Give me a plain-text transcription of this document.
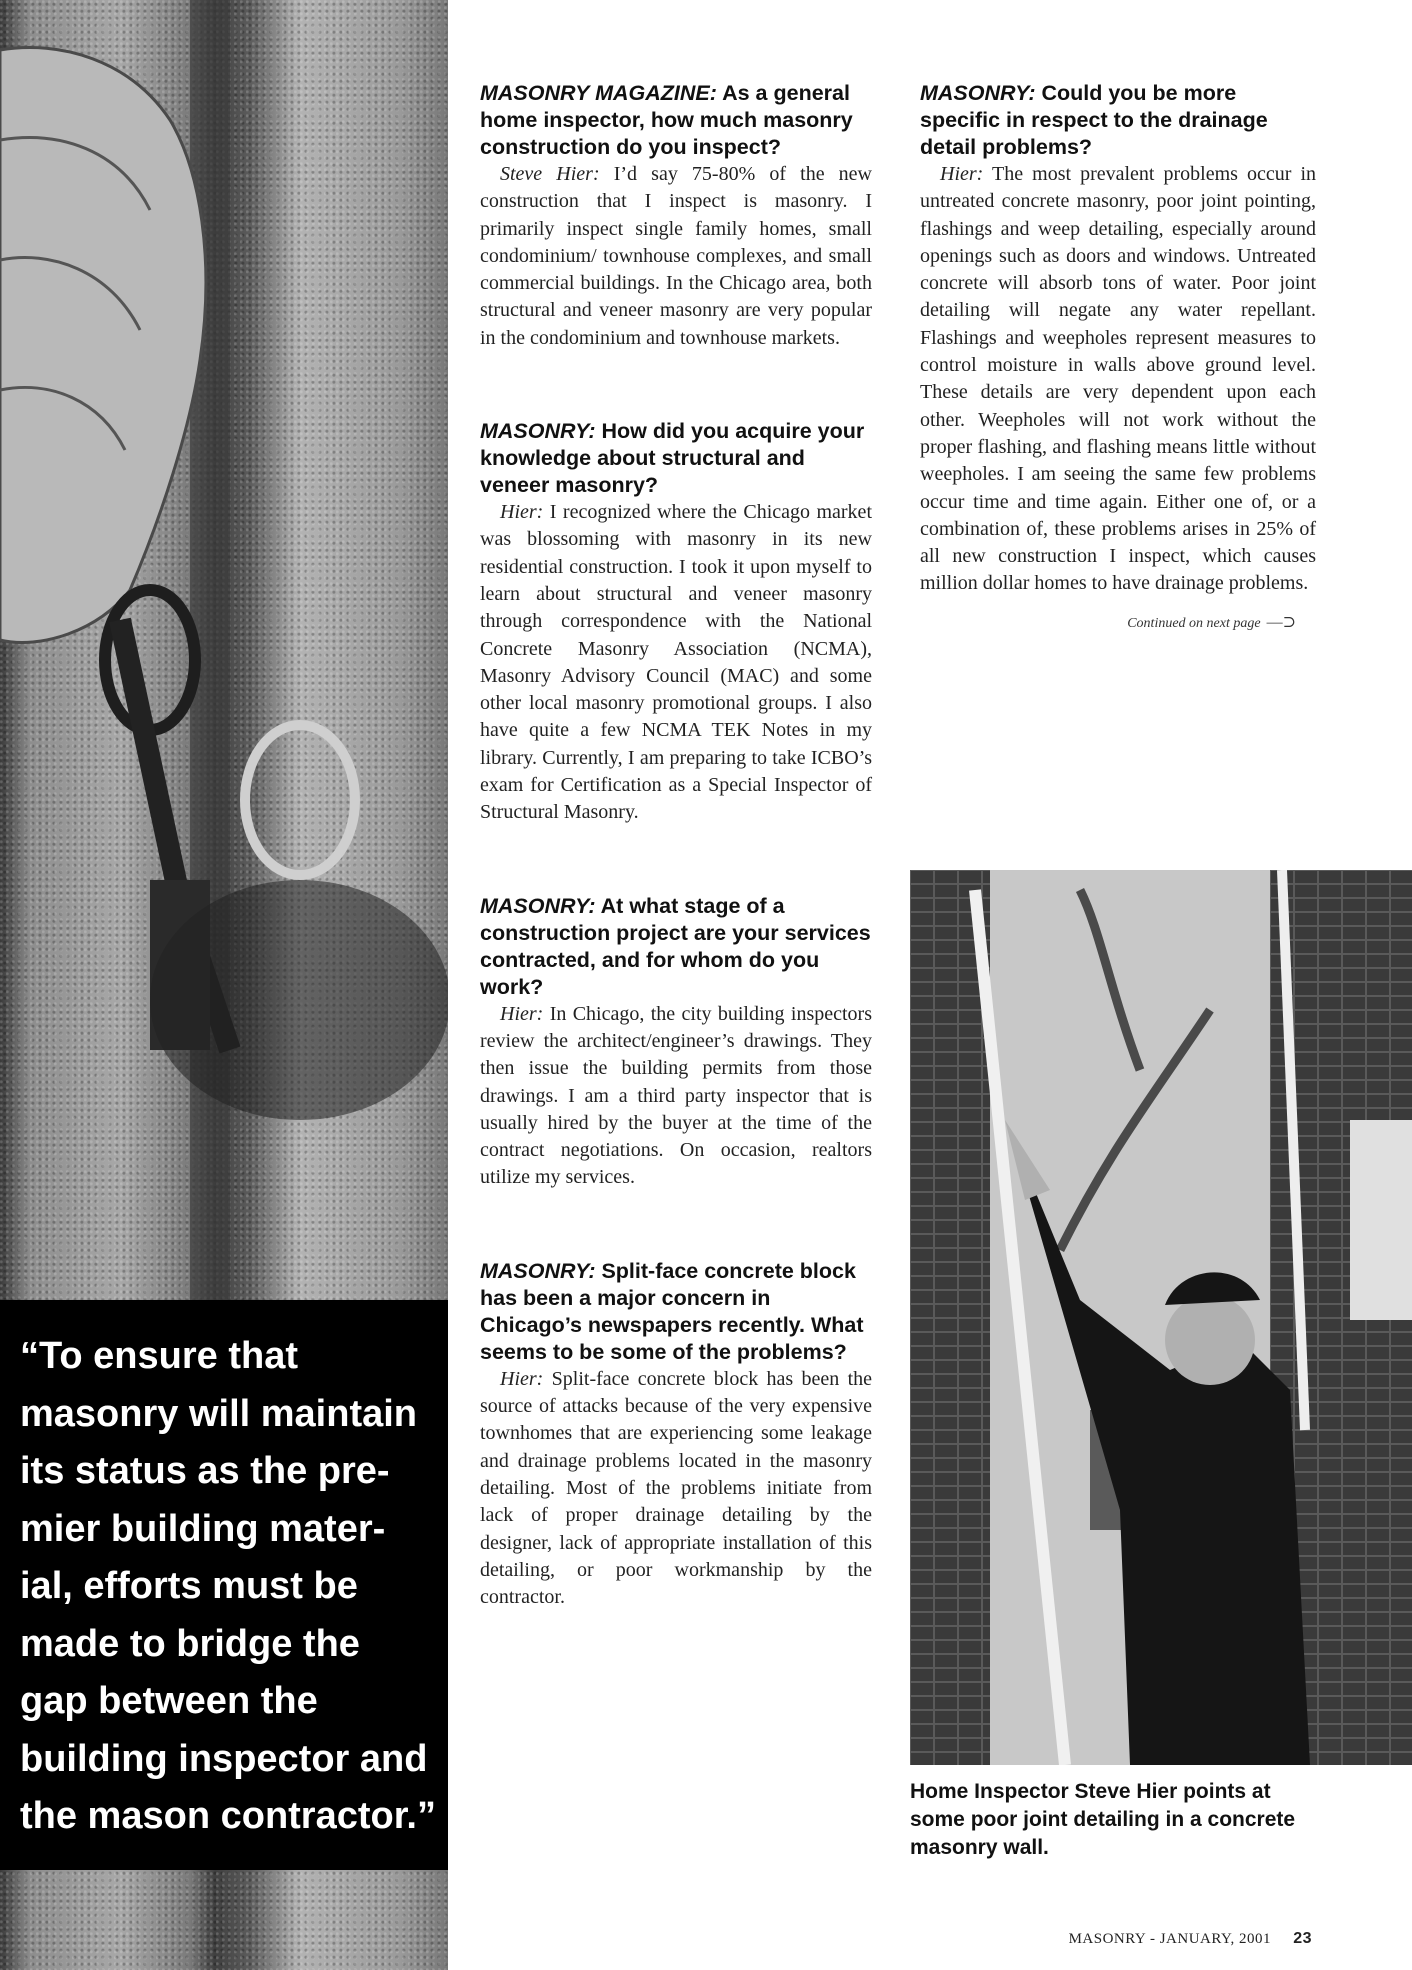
“To ensure that
masonry will maintain
its status as the pre-
mier building mater-
ial, efforts must be
made to bridge the
gap between the
building inspector and
the mason contractor.”

MASONRY MAGAZINE: As a general home inspector, how much masonry construction do you inspect?

 Steve Hier: I’d say 75-80% of the new construction that I inspect is masonry. I primarily inspect single family homes, small condominium/ townhouse complexes, and small commercial buildings. In the Chicago area, both structural and veneer masonry are very popular in the condominium and townhouse markets.

MASONRY: How did you acquire your knowledge about structural and veneer masonry?

 Hier: I recognized where the Chicago market was blossoming with masonry in its new residential construction. I took it upon myself to learn about structural and veneer masonry through correspondence with the National Concrete Masonry Association (NCMA), Masonry Advisory Council (MAC) and some other local masonry promotional groups. I also have quite a few NCMA TEK Notes in my library. Currently, I am preparing to take ICBO’s exam for Certification as a Special Inspector of Structural Masonry.

MASONRY: At what stage of a construction project are your services contracted, and for whom do you work?

 Hier: In Chicago, the city building inspectors review the architect/engineer’s drawings. They then issue the building permits from those drawings. I am a third party inspector that is usually hired by the buyer at the time of the contract negotiations. On occasion, realtors utilize my services.

MASONRY: Split-face concrete block has been a major concern in Chicago’s newspapers recently. What seems to be some of the problems?

 Hier: Split-face concrete block has been the source of attacks because of the very expensive townhomes that are experiencing some leakage and drainage problems located in the masonry detailing. Most of the problems initiate from lack of proper drainage detailing by the designer, lack of appropriate installation of this detailing, or poor workmanship by the contractor.

MASONRY: Could you be more specific in respect to the drainage detail problems?

 Hier: The most prevalent problems occur in untreated concrete masonry, poor joint pointing, flashings and weep detailing, especially around openings such as doors and windows. Untreated concrete will absorb tons of water. Poor joint detailing will negate any water repellant. Flashings and weepholes represent measures to control moisture in walls above ground level. These details are very dependent upon each other. Weepholes will not work without the proper flashing, and flashing means little without weepholes. I am seeing the same few problems occur time and time again. Either one of, or a combination of, these problems arises in 25% of all new construction I inspect, which causes million dollar homes to have drainage problems.

Continued on next page —⊃

Home Inspector Steve Hier points at some poor joint detailing in a concrete masonry wall.

MASONRY - JANUARY, 2001 23
